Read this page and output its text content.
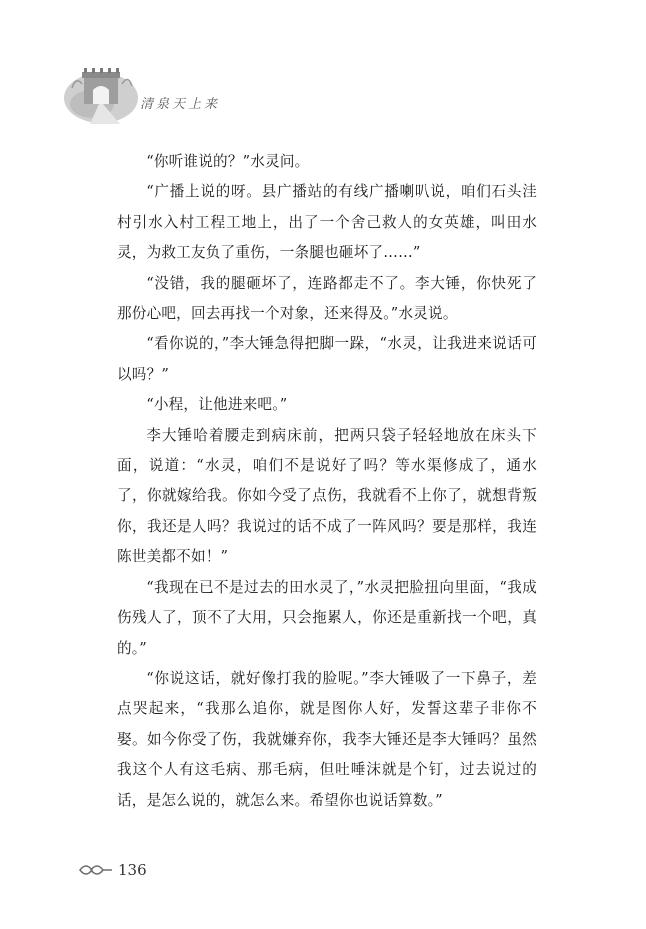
清泉天上来

“你听谁说的？”水灵问。

“广播上说的呀。县广播站的有线广播喇叭说，咱们石头洼村引水入村工程工地上，出了一个舍己救人的女英雄，叫田水灵，为救工友负了重伤，一条腿也砸坏了……”

“没错，我的腿砸坏了，连路都走不了。李大锤，你快死了那份心吧，回去再找一个对象，还来得及。”水灵说。

“看你说的，”李大锤急得把脚一跺，“水灵，让我进来说话可以吗？”

“小程，让他进来吧。”

李大锤哈着腰走到病床前，把两只袋子轻轻地放在床头下面，说道：“水灵，咱们不是说好了吗？等水渠修成了，通水了，你就嫁给我。你如今受了点伤，我就看不上你了，就想背叛你，我还是人吗？我说过的话不成了一阵风吗？要是那样，我连陈世美都不如！”

“我现在已不是过去的田水灵了，”水灵把脸扭向里面，“我成伤残人了，顶不了大用，只会拖累人，你还是重新找一个吧，真的。”

“你说这话，就好像打我的脸呢。”李大锤吸了一下鼻子，差点哭起来，“我那么追你，就是图你人好，发誓这辈子非你不娶。如今你受了伤，我就嫌弃你，我李大锤还是李大锤吗？虽然我这个人有这毛病、那毛病，但吐唾沫就是个钉，过去说过的话，是怎么说的，就怎么来。希望你也说话算数。”

136
